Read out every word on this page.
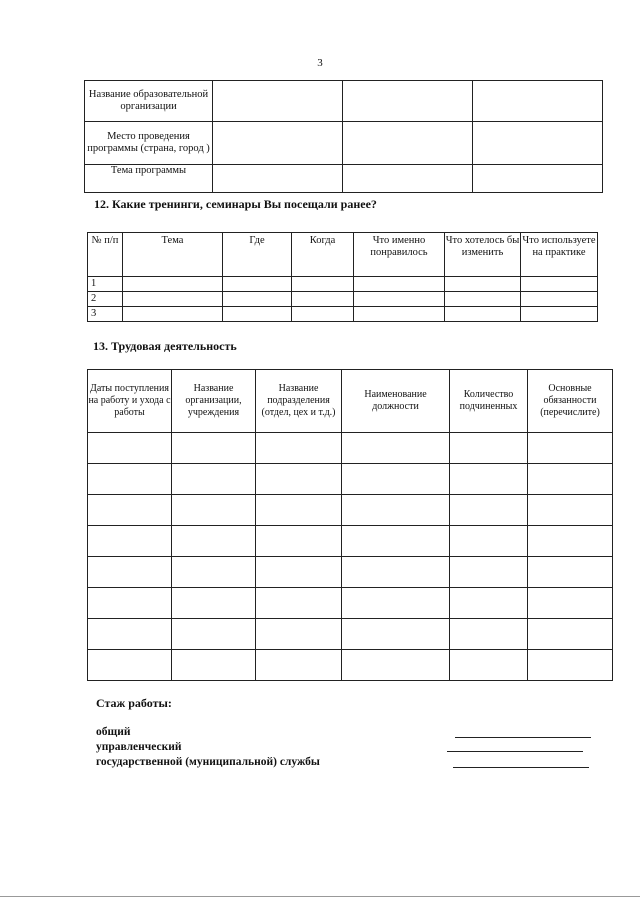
3
Название образовательной организации			
Место проведения программы (страна, город )			
Тема программы			
12. Какие тренинги, семинары Вы посещали ранее?
№ п/п	Тема	Где	Когда	Что именно понравилось	Что хотелось бы изменить	Что используете на практике
1						
2						
3						
13. Трудовая деятельность
Даты поступления на работу и ухода с работы	Название организации, учреждения	Название подразделения (отдел, цех и т.д.)	Наименование должности	Количество подчиненных	Основные обязанности (перечислите)

Стаж работы:
общий
управленческий
государственной (муниципальной) службы
